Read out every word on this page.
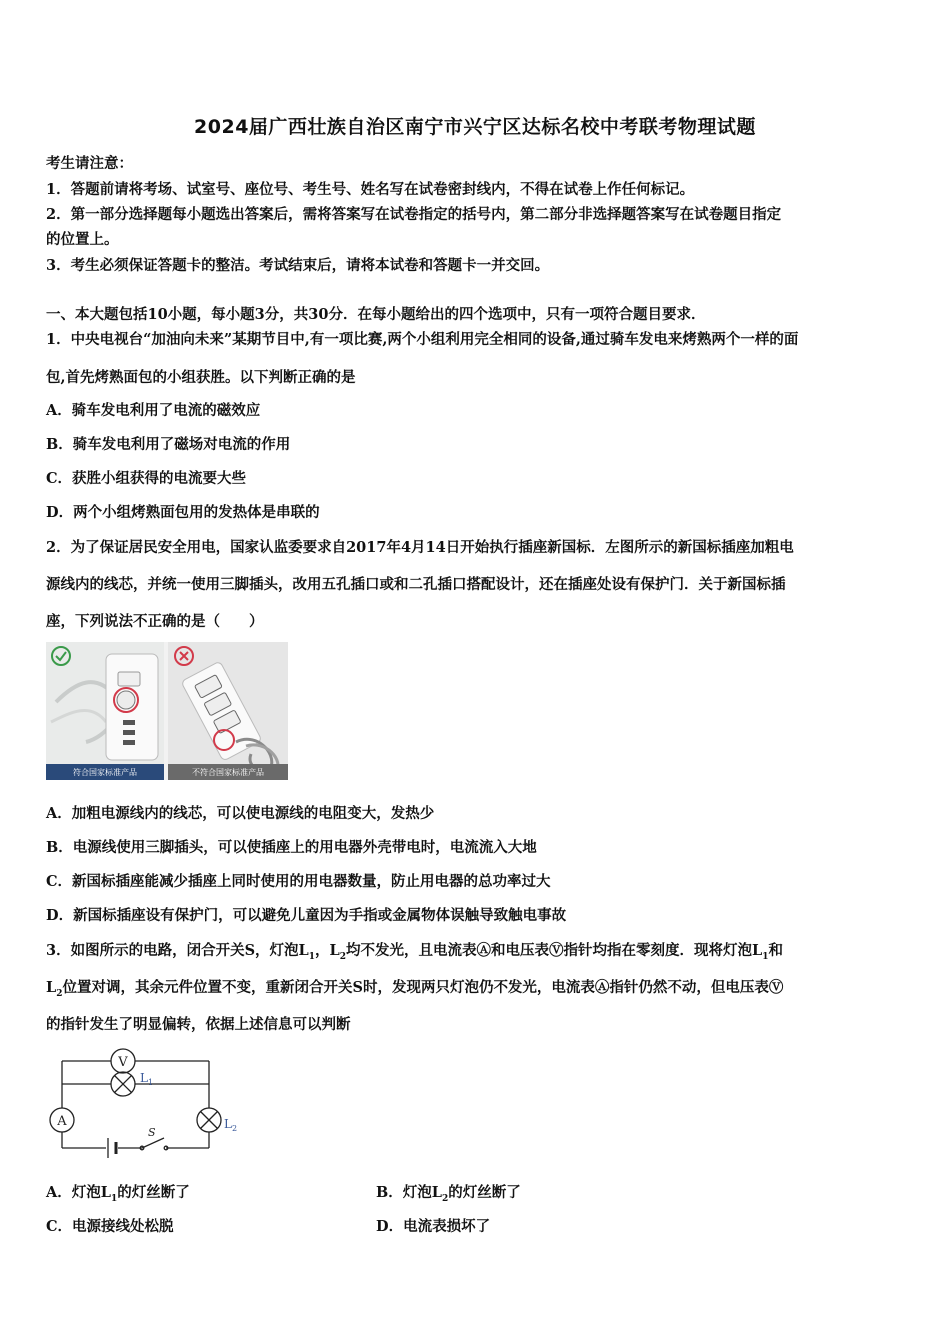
2024届广西壮族自治区南宁市兴宁区达标名校中考联考物理试题
考生请注意：
1．答题前请将考场、试室号、座位号、考生号、姓名写在试卷密封线内，不得在试卷上作任何标记。
2．第一部分选择题每小题选出答案后，需将答案写在试卷指定的括号内，第二部分非选择题答案写在试卷题目指定
的位置上。
3．考生必须保证答题卡的整洁。考试结束后，请将本试卷和答题卡一并交回。
一、本大题包括10小题，每小题3分，共30分．在每小题给出的四个选项中，只有一项符合题目要求．
1．中央电视台“加油向未来”某期节目中,有一项比赛,两个小组利用完全相同的设备,通过骑车发电来烤熟两个一样的面
包,首先烤熟面包的小组获胜。以下判断正确的是
A．骑车发电利用了电流的磁效应
B．骑车发电利用了磁场对电流的作用
C．获胜小组获得的电流要大些
D．两个小组烤熟面包用的发热体是串联的
2．为了保证居民安全用电，国家认监委要求自2017年4月14日开始执行插座新国标．左图所示的新国标插座加粗电
源线内的线芯，并统一使用三脚插头，改用五孔插口或和二孔插口搭配设计，还在插座处设有保护门．关于新国标插
座，下列说法不正确的是（　　）
符合国家标准产品	不符合国家标准产品
A．加粗电源线内的线芯，可以使电源线的电阻变大，发热少
B．电源线使用三脚插头，可以使插座上的用电器外壳带电时，电流流入大地
C．新国标插座能减少插座上同时使用的用电器数量，防止用电器的总功率过大
D．新国标插座设有保护门，可以避免儿童因为手指或金属物体误触导致触电事故
3．如图所示的电路，闭合开关S，灯泡$L_1$，$L_2$均不发光，且电流表Ⓐ和电压表Ⓥ指针均指在零刻度．现将灯泡$L_1$和
$L_2$位置对调，其余元件位置不变，重新闭合开关S时，发现两只灯泡仍不发光，电流表Ⓐ指针仍然不动，但电压表Ⓥ
的指针发生了明显偏转，依据上述信息可以判断
V
A
$L_1$
$L_2$
S
A．灯泡$L_1$的灯丝断了	B．灯泡$L_2$的灯丝断了
C．电源接线处松脱	D．电流表损坏了
